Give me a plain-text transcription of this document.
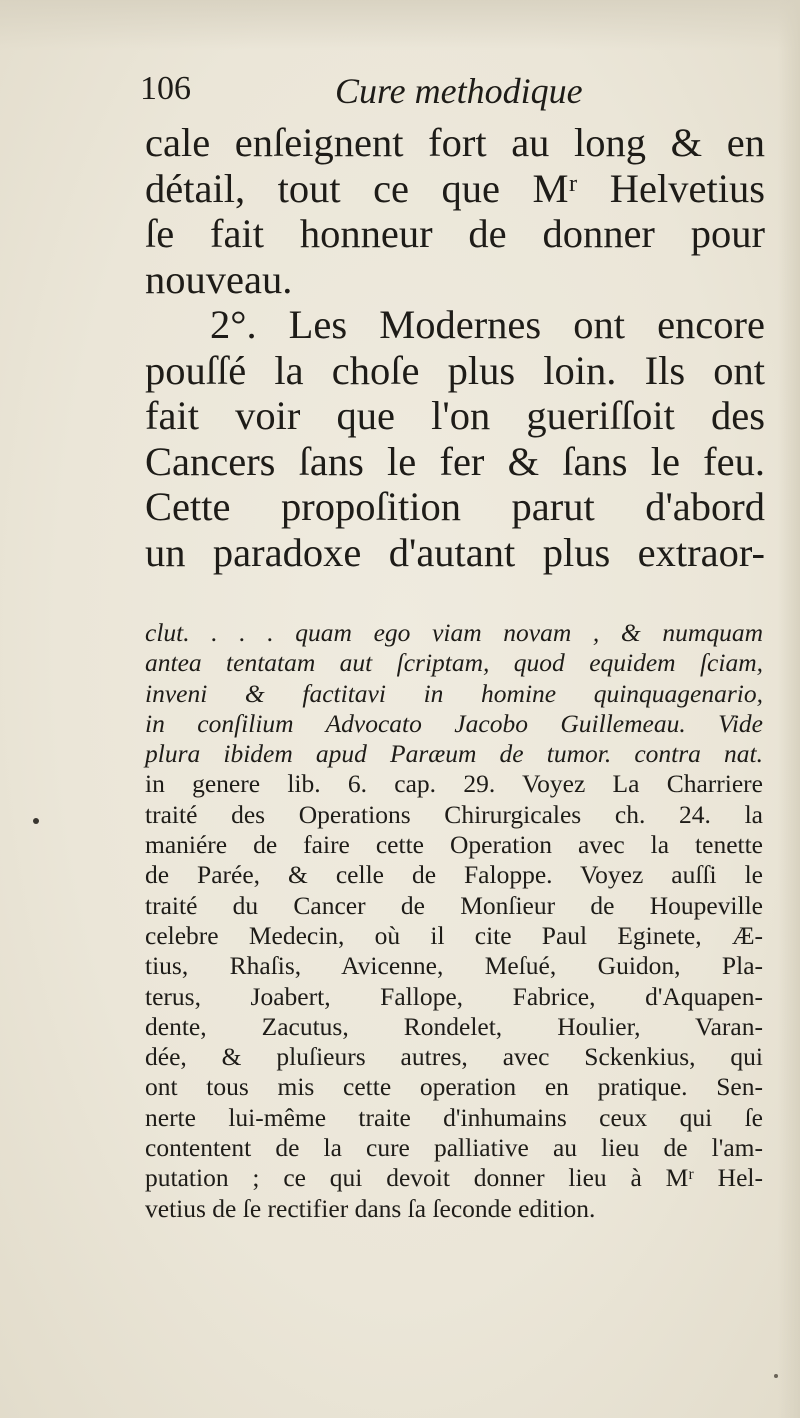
106	Cure methodique
cale enſeignent fort au long & en
détail, tout ce que Mʳ Helvetius
ſe fait honneur de donner pour
nouveau.
2°. Les Modernes ont encore
pouſſé la choſe plus loin. Ils ont
fait voir que l'on gueriſſoit des
Cancers ſans le fer & ſans le feu.
Cette propoſition parut d'abord
un paradoxe d'autant plus extraor-
clut. . . . quam ego viam novam , & numquam
antea tentatam aut ſcriptam, quod equidem ſciam,
inveni & factitavi in homine quinquagenario,
in conſilium Advocato Jacobo Guillemeau. Vide
plura ibidem apud Paræum de tumor. contra nat.
in genere lib. 6. cap. 29. Voyez La Charriere
traité des Operations Chirurgicales ch. 24. la
maniére de faire cette Operation avec la tenette
de Parée, & celle de Faloppe. Voyez auſſi le
traité du Cancer de Monſieur de Houpeville
celebre Medecin, où il cite Paul Eginete, Æ-
tius, Rhaſis, Avicenne, Meſué, Guidon, Pla-
terus, Joabert, Fallope, Fabrice, d'Aquapen-
dente, Zacutus, Rondelet, Houlier, Varan-
dée, & pluſieurs autres, avec Sckenkius, qui
ont tous mis cette operation en pratique. Sen-
nerte lui-même traite d'inhumains ceux qui ſe
contentent de la cure palliative au lieu de l'am-
putation ; ce qui devoit donner lieu à Mʳ Hel-
vetius de ſe rectifier dans ſa ſeconde edition.
